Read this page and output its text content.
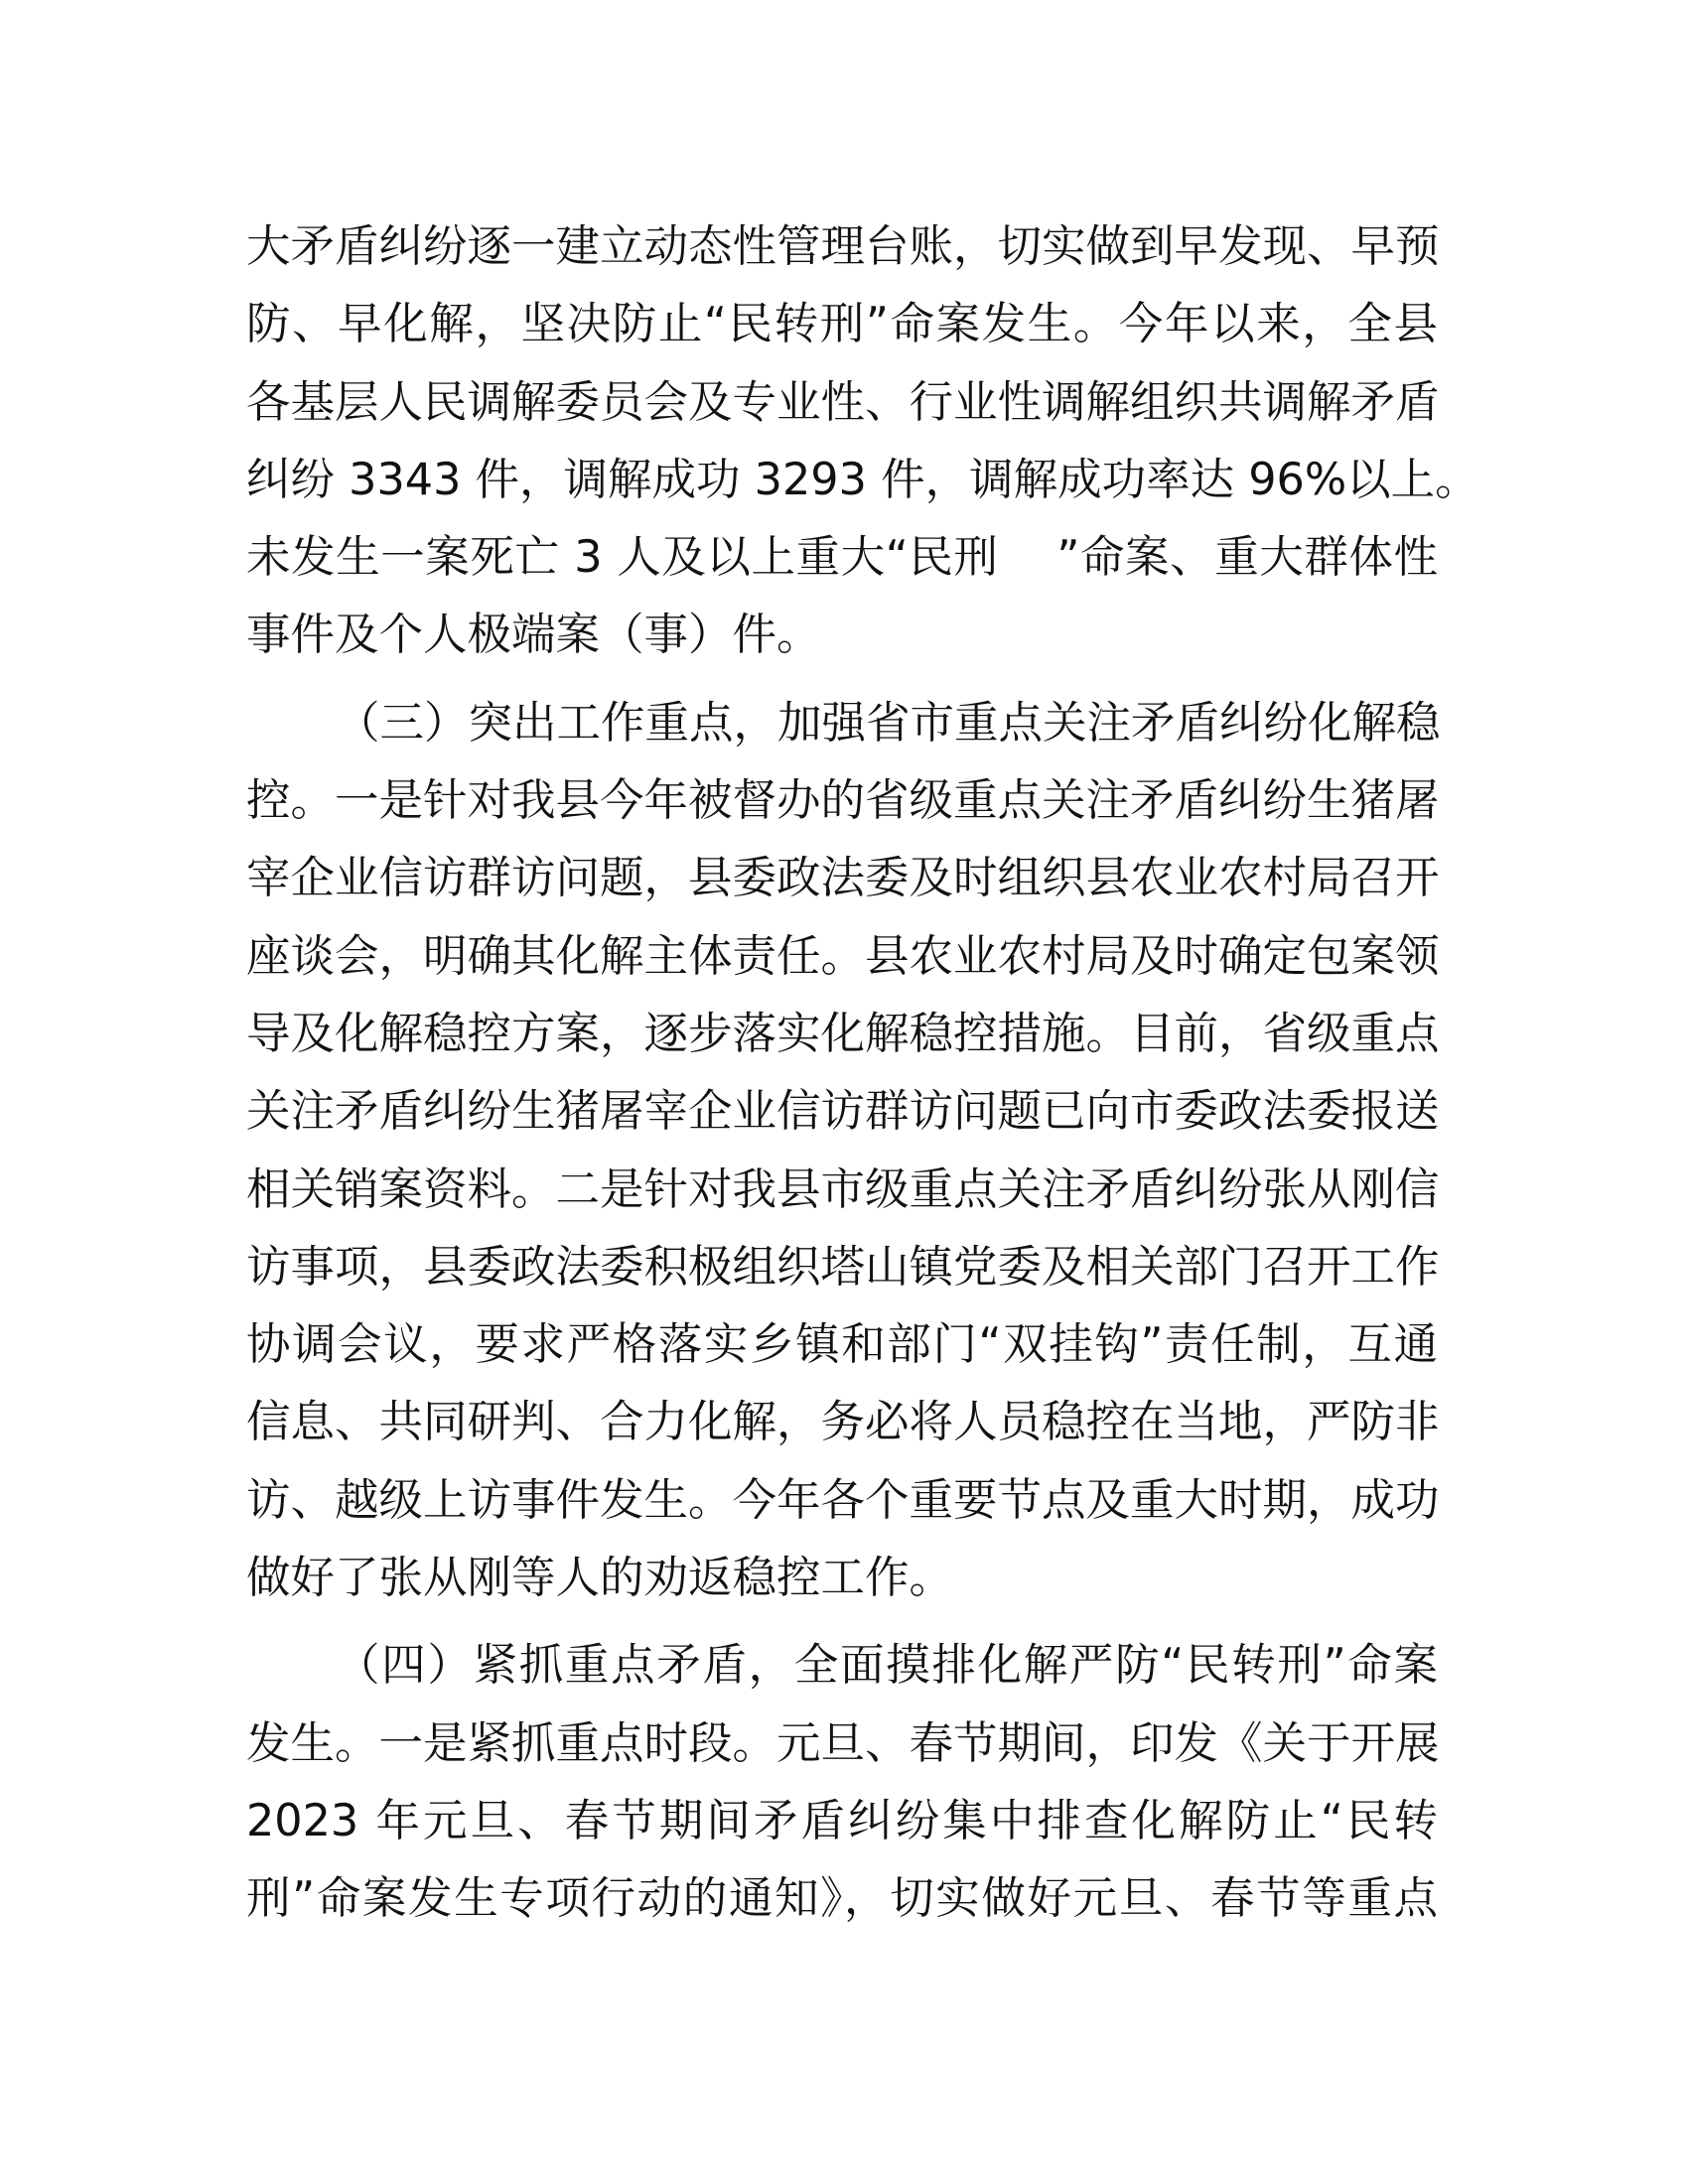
大矛盾纠纷逐一建立动态性管理台账，切实做到早发现、早预
防、早化解，坚决防止“民转刑”命案发生。今年以来，全县
各基层人民调解委员会及专业性、行业性调解组织共调解矛盾
纠纷 3343 件，调解成功 3293 件，调解成功率达 96%以上。
未发生一案死亡 3 人及以上重大“民刑    ”命案、重大群体性
事件及个人极端案（事）件。
（三）突出工作重点，加强省市重点关注矛盾纠纷化解稳
控。一是针对我县今年被督办的省级重点关注矛盾纠纷生猪屠
宰企业信访群访问题，县委政法委及时组织县农业农村局召开
座谈会，明确其化解主体责任。县农业农村局及时确定包案领
导及化解稳控方案，逐步落实化解稳控措施。目前，省级重点
关注矛盾纠纷生猪屠宰企业信访群访问题已向市委政法委报送
相关销案资料。二是针对我县市级重点关注矛盾纠纷张从刚信
访事项，县委政法委积极组织塔山镇党委及相关部门召开工作
协调会议，要求严格落实乡镇和部门“双挂钩”责任制，互通
信息、共同研判、合力化解，务必将人员稳控在当地，严防非
访、越级上访事件发生。今年各个重要节点及重大时期，成功
做好了张从刚等人的劝返稳控工作。
（四）紧抓重点矛盾，全面摸排化解严防“民转刑”命案
发生。一是紧抓重点时段。元旦、春节期间，印发《关于开展
2023 年元旦、春节期间矛盾纠纷集中排查化解防止“民转
刑”命案发生专项行动的通知》，切实做好元旦、春节等重点
